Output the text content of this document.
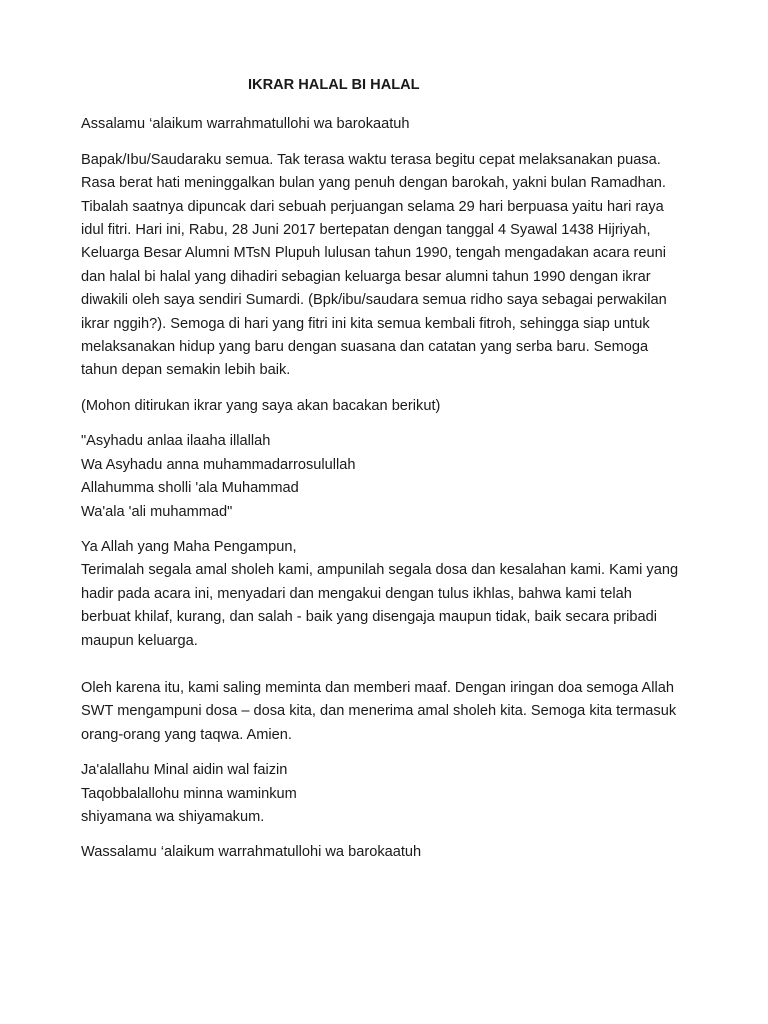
IKRAR HALAL BI HALAL

Assalamu ‘alaikum warrahmatullohi wa barokaatuh

Bapak/Ibu/Saudaraku semua. Tak terasa waktu terasa begitu cepat melaksanakan puasa.
Rasa berat hati meninggalkan bulan yang penuh dengan barokah, yakni bulan Ramadhan.
Tibalah saatnya dipuncak dari sebuah perjuangan selama 29 hari berpuasa yaitu hari raya
idul fitri. Hari ini, Rabu, 28 Juni 2017 bertepatan dengan tanggal 4 Syawal 1438 Hijriyah,
Keluarga Besar Alumni MTsN Plupuh lulusan tahun 1990, tengah mengadakan acara reuni
dan halal bi halal yang dihadiri sebagian keluarga besar alumni tahun 1990 dengan ikrar
diwakili oleh saya sendiri Sumardi. (Bpk/ibu/saudara semua ridho saya sebagai perwakilan
ikrar nggih?). Semoga di hari yang fitri ini kita semua kembali fitroh, sehingga siap untuk
melaksanakan hidup yang baru dengan suasana dan catatan yang serba baru. Semoga
tahun depan semakin lebih baik.

(Mohon ditirukan ikrar yang saya akan bacakan berikut)

"Asyhadu anlaa ilaaha illallah
Wa Asyhadu anna muhammadarrosulullah
Allahumma sholli 'ala Muhammad
Wa'ala 'ali muhammad"

Ya Allah yang Maha Pengampun,
Terimalah segala amal sholeh kami, ampunilah segala dosa dan kesalahan kami. Kami yang
hadir pada acara ini, menyadari dan mengakui dengan tulus ikhlas, bahwa kami telah
berbuat khilaf, kurang, dan salah - baik yang disengaja maupun tidak, baik secara pribadi
maupun keluarga.

Oleh karena itu, kami saling meminta dan memberi maaf. Dengan iringan doa semoga Allah
SWT mengampuni dosa – dosa kita, dan menerima amal sholeh kita. Semoga kita termasuk
orang-orang yang taqwa. Amien.

Ja'alallahu Minal aidin wal faizin
Taqobbalallohu minna waminkum
shiyamana wa shiyamakum.

Wassalamu ‘alaikum warrahmatullohi wa barokaatuh
